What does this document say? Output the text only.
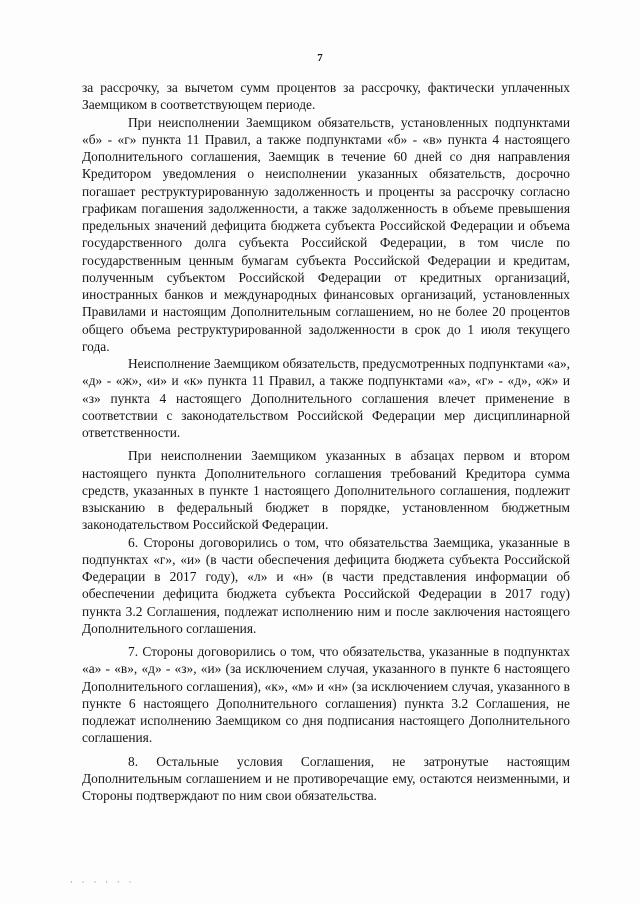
7

за рассрочку, за вычетом сумм процентов за рассрочку, фактически уплаченных Заемщиком в соответствующем периоде.

При неисполнении Заемщиком обязательств, установленных подпунктами «б» - «г» пункта 11 Правил, а также подпунктами «б» - «в» пункта 4 настоящего Дополнительного соглашения, Заемщик в течение 60 дней со дня направления Кредитором уведомления о неисполнении указанных обязательств, досрочно погашает реструктурированную задолженность и проценты за рассрочку согласно графикам погашения задолженности, а также задолженность в объеме превышения предельных значений дефицита бюджета субъекта Российской Федерации и объема государственного долга субъекта Российской Федерации, в том числе по государственным ценным бумагам субъекта Российской Федерации и кредитам, полученным субъектом Российской Федерации от кредитных организаций, иностранных банков и международных финансовых организаций, установленных Правилами и настоящим Дополнительным соглашением, но не более 20 процентов общего объема реструктурированной задолженности в срок до 1 июля текущего года.

Неисполнение Заемщиком обязательств, предусмотренных подпунктами «а», «д» - «ж», «и» и «к» пункта 11 Правил, а также подпунктами «а», «г» - «д», «ж» и «з» пункта 4 настоящего Дополнительного соглашения влечет применение в соответствии с законодательством Российской Федерации мер дисциплинарной ответственности.

При неисполнении Заемщиком указанных в абзацах первом и втором настоящего пункта Дополнительного соглашения требований Кредитора сумма средств, указанных в пункте 1 настоящего Дополнительного соглашения, подлежит взысканию в федеральный бюджет в порядке, установленном бюджетным законодательством Российской Федерации.

6. Стороны договорились о том, что обязательства Заемщика, указанные в подпунктах «г», «и» (в части обеспечения дефицита бюджета субъекта Российской Федерации в 2017 году), «л» и «н» (в части представления информации об обеспечении дефицита бюджета субъекта Российской Федерации в 2017 году) пункта 3.2 Соглашения, подлежат исполнению ним и после заключения настоящего Дополнительного соглашения.

7. Стороны договорились о том, что обязательства, указанные в подпунктах «а» - «в», «д» - «з», «и» (за исключением случая, указанного в пункте 6 настоящего Дополнительного соглашения), «к», «м» и «н» (за исключением случая, указанного в пункте 6 настоящего Дополнительного соглашения) пункта 3.2 Соглашения, не подлежат исполнению Заемщиком со дня подписания настоящего Дополнительного соглашения.

8. Остальные условия Соглашения, не затронутые настоящим Дополнительным соглашением и не противоречащие ему, остаются неизменными, и Стороны подтверждают по ним свои обязательства.

· · · · · ·
